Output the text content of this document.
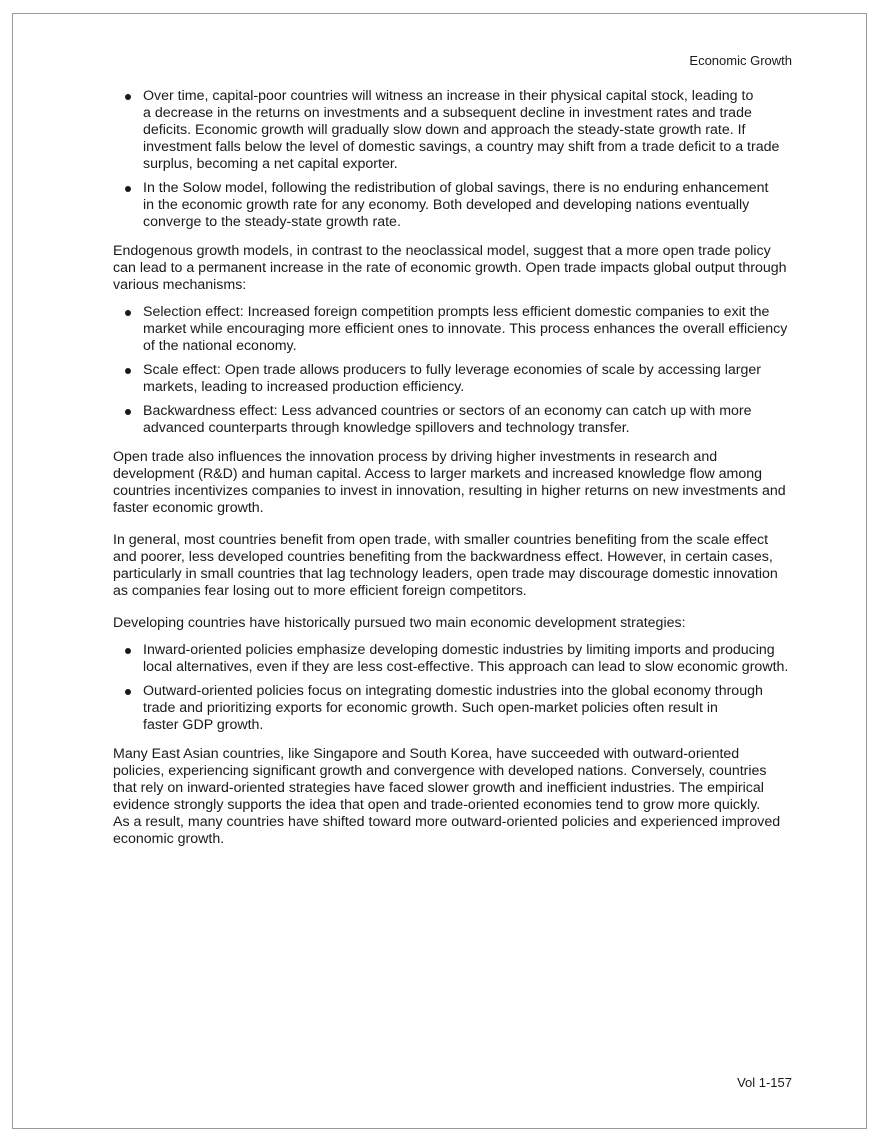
Economic Growth
Over time, capital-poor countries will witness an increase in their physical capital stock, leading to
a decrease in the returns on investments and a subsequent decline in investment rates and trade
deficits. Economic growth will gradually slow down and approach the steady-state growth rate. If
investment falls below the level of domestic savings, a country may shift from a trade deficit to a trade
surplus, becoming a net capital exporter.
In the Solow model, following the redistribution of global savings, there is no enduring enhancement
in the economic growth rate for any economy. Both developed and developing nations eventually
converge to the steady-state growth rate.

Endogenous growth models, in contrast to the neoclassical model, suggest that a more open trade policy
can lead to a permanent increase in the rate of economic growth. Open trade impacts global output through
various mechanisms:

Selection effect: Increased foreign competition prompts less efficient domestic companies to exit the
market while encouraging more efficient ones to innovate. This process enhances the overall efficiency
of the national economy.
Scale effect: Open trade allows producers to fully leverage economies of scale by accessing larger
markets, leading to increased production efficiency.
Backwardness effect: Less advanced countries or sectors of an economy can catch up with more
advanced counterparts through knowledge spillovers and technology transfer.

Open trade also influences the innovation process by driving higher investments in research and
development (R&D) and human capital. Access to larger markets and increased knowledge flow among
countries incentivizes companies to invest in innovation, resulting in higher returns on new investments and
faster economic growth.

In general, most countries benefit from open trade, with smaller countries benefiting from the scale effect
and poorer, less developed countries benefiting from the backwardness effect. However, in certain cases,
particularly in small countries that lag technology leaders, open trade may discourage domestic innovation
as companies fear losing out to more efficient foreign competitors.

Developing countries have historically pursued two main economic development strategies:

Inward-oriented policies emphasize developing domestic industries by limiting imports and producing
local alternatives, even if they are less cost-effective. This approach can lead to slow economic growth.
Outward-oriented policies focus on integrating domestic industries into the global economy through
trade and prioritizing exports for economic growth. Such open-market policies often result in
faster GDP growth.

Many East Asian countries, like Singapore and South Korea, have succeeded with outward-oriented
policies, experiencing significant growth and convergence with developed nations. Conversely, countries
that rely on inward-oriented strategies have faced slower growth and inefficient industries. The empirical
evidence strongly supports the idea that open and trade-oriented economies tend to grow more quickly.
As a result, many countries have shifted toward more outward-oriented policies and experienced improved
economic growth.

Vol 1-157
